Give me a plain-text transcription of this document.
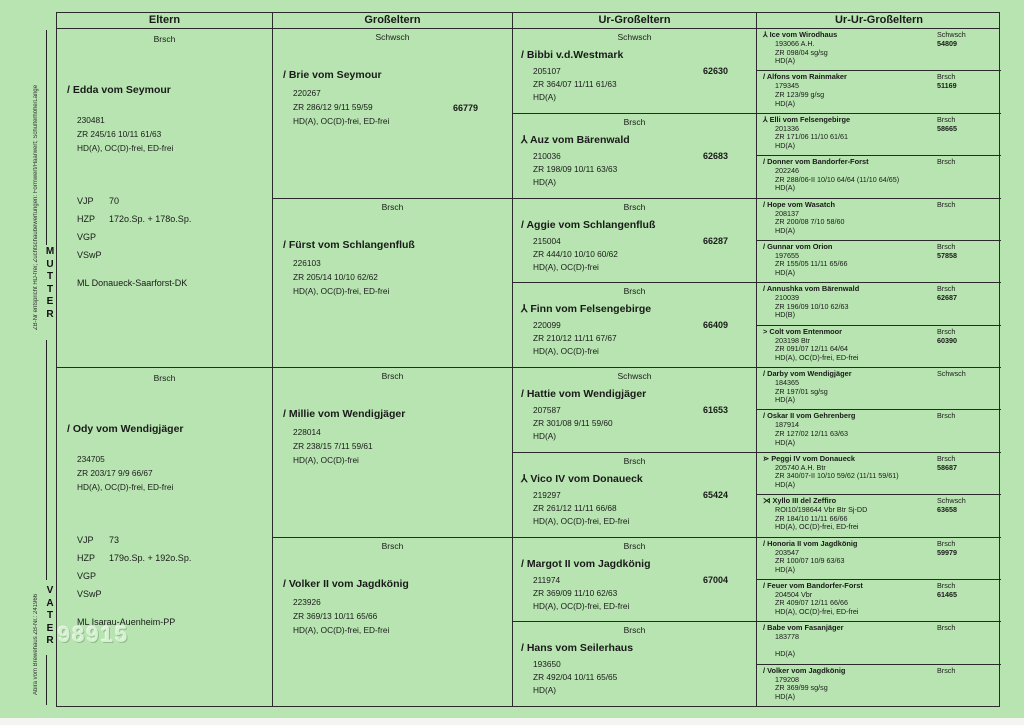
ZB-Nr entspricht HD-frei; Zuchtschaubewertungen: Formwert/Haarwert; Schulterhöhe/Länge
Abira vom Brewehaus ZB-Nr.: 241966
M
U
T
T
E
R
V
A
T
E
R
Eltern	Großeltern	Ur-Großeltern	Ur-Ur-Großeltern
Brsch
/ Edda vom Seymour
230481
ZR 245/16 10/11 61/63
HD(A), OC(D)-frei, ED-frei
VJP 70
HZP 172o.Sp. + 178o.Sp.
VGP
VSwP
ML Donaueck-Saarforst-DK
Brsch
/ Ody vom Wendigjäger
234705
ZR 203/17 9/9 66/67
HD(A), OC(D)-frei, ED-frei
VJP 73
HZP 179o.Sp. + 192o.Sp.
VGP
VSwP
ML Isarau-Auenheim-PP
Schwsch
/ Brie vom Seymour
220267
ZR 286/12 9/11 59/59
HD(A), OC(D)-frei, ED-frei
66779
Brsch
/ Fürst vom Schlangenfluß
226103
ZR 205/14 10/10 62/62
HD(A), OC(D)-frei, ED-frei
Brsch
/ Millie vom Wendigjäger
228014
ZR 238/15 7/11 59/61
HD(A), OC(D)-frei
Brsch
/ Volker II vom Jagdkönig
223926
ZR 369/13 10/11 65/66
HD(A), OC(D)-frei, ED-frei
Schwsch
/ Bibbi v.d.Westmark
205107
ZR 364/07 11/11 61/63
HD(A)
62630
Brsch
⅄ Auz vom Bärenwald
210036
ZR 198/09 10/11 63/63
HD(A)
62683
Brsch
/ Aggie vom Schlangenfluß
215004
ZR 444/10 10/10 60/62
HD(A), OC(D)-frei
66287
Brsch
⅄ Finn vom Felsengebirge
220099
ZR 210/12 11/11 67/67
HD(A), OC(D)-frei
66409
Schwsch
/ Hattie vom Wendigjäger
207587
ZR 301/08 9/11 59/60
HD(A)
61653
Brsch
⅄ Vico IV vom Donaueck
219297
ZR 261/12 11/11 66/68
HD(A), OC(D)-frei, ED-frei
65424
Brsch
/ Margot II vom Jagdkönig
211974
ZR 369/09 11/10 62/63
HD(A), OC(D)-frei, ED-frei
67004
Brsch
/ Hans vom Seilerhaus
193650
ZR 492/04 10/11 65/65
HD(A)
⅄ Ice vom Wirodhaus	Schwsch
54809
193066 A.H.
ZR 098/04 sg/sg
HD(A)
/ Alfons vom Rainmaker	Brsch
51169
179345
ZR 123/99 g/sg
HD(A)
⅄ Elli vom Felsengebirge	Brsch
58665
201336
ZR 171/06 11/10 61/61
HD(A)
/ Donner vom Bandorfer-Forst	Brsch
202246
ZR 288/06-II 10/10 64/64 (11/10 64/65)
HD(A)
/ Hope vom Wasatch	Brsch
208137
ZR 200/08 7/10 58/60
HD(A)
/ Gunnar vom Orion	Brsch
57858
197655
ZR 155/05 11/11 65/66
HD(A)
/ Annushka vom Bärenwald	Brsch
62687
210039
ZR 196/09 10/10 62/63
HD(B)
> Colt vom Entenmoor	Brsch
60390
203198 Btr
ZR 091/07 12/11 64/64
HD(A), OC(D)-frei, ED-frei
/ Darby vom Wendigjäger	Schwsch
184365
ZR 197/01 sg/sg
HD(A)
/ Oskar II vom Gehrenberg	Brsch
187914
ZR 127/02 12/11 63/63
HD(A)
⋗ Peggi IV vom Donaueck	Brsch
58687
205740 A.H. Btr
ZR 340/07-II 10/10 59/62 (11/11 59/61)
HD(A)
⋊ Xyllo III del Zeffiro	Schwsch
63658
ROI10/198644 Vbr Btr Sj-DD
ZR 184/10 11/11 66/66
HD(A), OC(D)-frei, ED-frei
/ Honoria II vom Jagdkönig	Brsch
59979
203547
ZR 100/07 10/9 63/63
HD(A)
/ Feuer vom Bandorfer-Forst	Brsch
61465
204504 Vbr
ZR 409/07 12/11 66/66
HD(A), OC(D)-frei, ED-frei
/ Babe vom Fasanjäger	Brsch
183778
HD(A)
/ Volker vom Jagdkönig	Brsch
179208
ZR 369/99 sg/sg
HD(A)
98915
